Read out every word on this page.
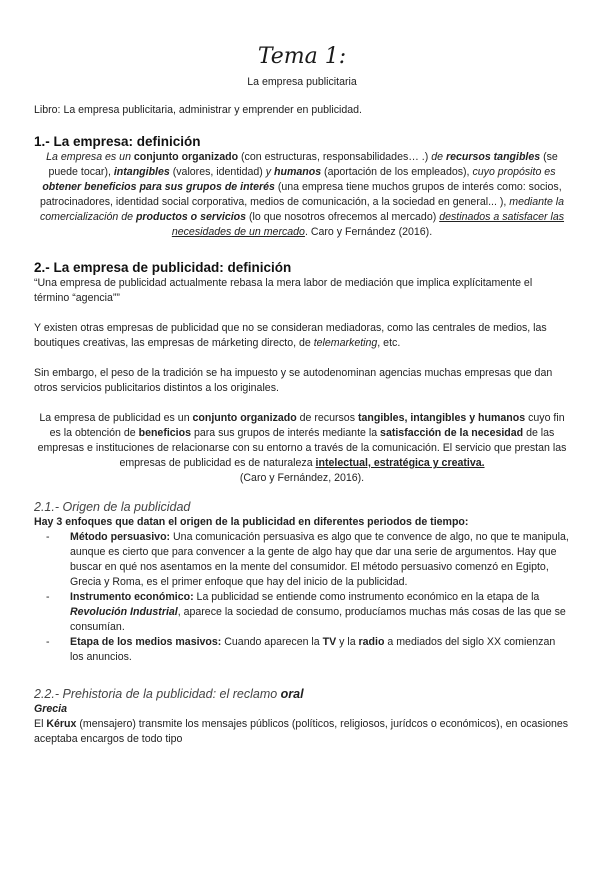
Tema 1:
La empresa publicitaria
Libro: La empresa publicitaria, administrar y emprender en publicidad.
1.- La empresa: definición

La empresa es un conjunto organizado (con estructuras, responsabilidades… .) de recursos tangibles (se puede tocar), intangibles (valores, identidad) y humanos (aportación de los empleados), cuyo propósito es obtener beneficios para sus grupos de interés (una empresa tiene muchos grupos de interés como: socios, patrocinadores, identidad social corporativa, medios de comunicación, a la sociedad en general... ), mediante la comercialización de productos o servicios (lo que nosotros ofrecemos al mercado) destinados a satisfacer las necesidades de un mercado. Caro y Fernández (2016).

2.- La empresa de publicidad: definición

“Una empresa de publicidad actualmente rebasa la mera labor de mediación que implica explícitamente el término “agencia””

Y existen otras empresas de publicidad que no se consideran mediadoras, como las centrales de medios, las boutiques creativas, las empresas de márketing directo, de telemarketing, etc.

Sin embargo, el peso de la tradición se ha impuesto y se autodenominan agencias muchas empresas que dan otros servicios publicitarios distintos a los originales.

La empresa de publicidad es un conjunto organizado de recursos tangibles, intangibles y humanos cuyo fin es la obtención de beneficios para sus grupos de interés mediante la satisfacción de la necesidad de las empresas e instituciones de relacionarse con su entorno a través de la comunicación. El servicio que prestan las empresas de publicidad es de naturaleza intelectual, estratégica y creativa.
(Caro y Fernández, 2016).

2.1.- Origen de la publicidad

Hay 3 enfoques que datan el origen de la publicidad en diferentes periodos de tiempo:

- Método persuasivo: Una comunicación persuasiva es algo que te convence de algo, no que te manipula, aunque es cierto que para convencer a la gente de algo hay que dar una serie de argumentos. Hay que buscar en qué nos asentamos en la mente del consumidor. El método persuasivo comenzó en Egipto, Grecia y Roma, es el primer enfoque que hay del inicio de la publicidad.
- Instrumento económico: La publicidad se entiende como instrumento económico en la etapa de la Revolución Industrial, aparece la sociedad de consumo, producíamos muchas más cosas de las que se consumían.
- Etapa de los medios masivos: Cuando aparecen la TV y la radio a mediados del siglo XX comienzan los anuncios.
2.2.- Prehistoria de la publicidad: el reclamo oral

Grecia

El Kérux (mensajero) transmite los mensajes públicos (políticos, religiosos, jurídcos o económicos), en ocasiones aceptaba encargos de todo tipo
